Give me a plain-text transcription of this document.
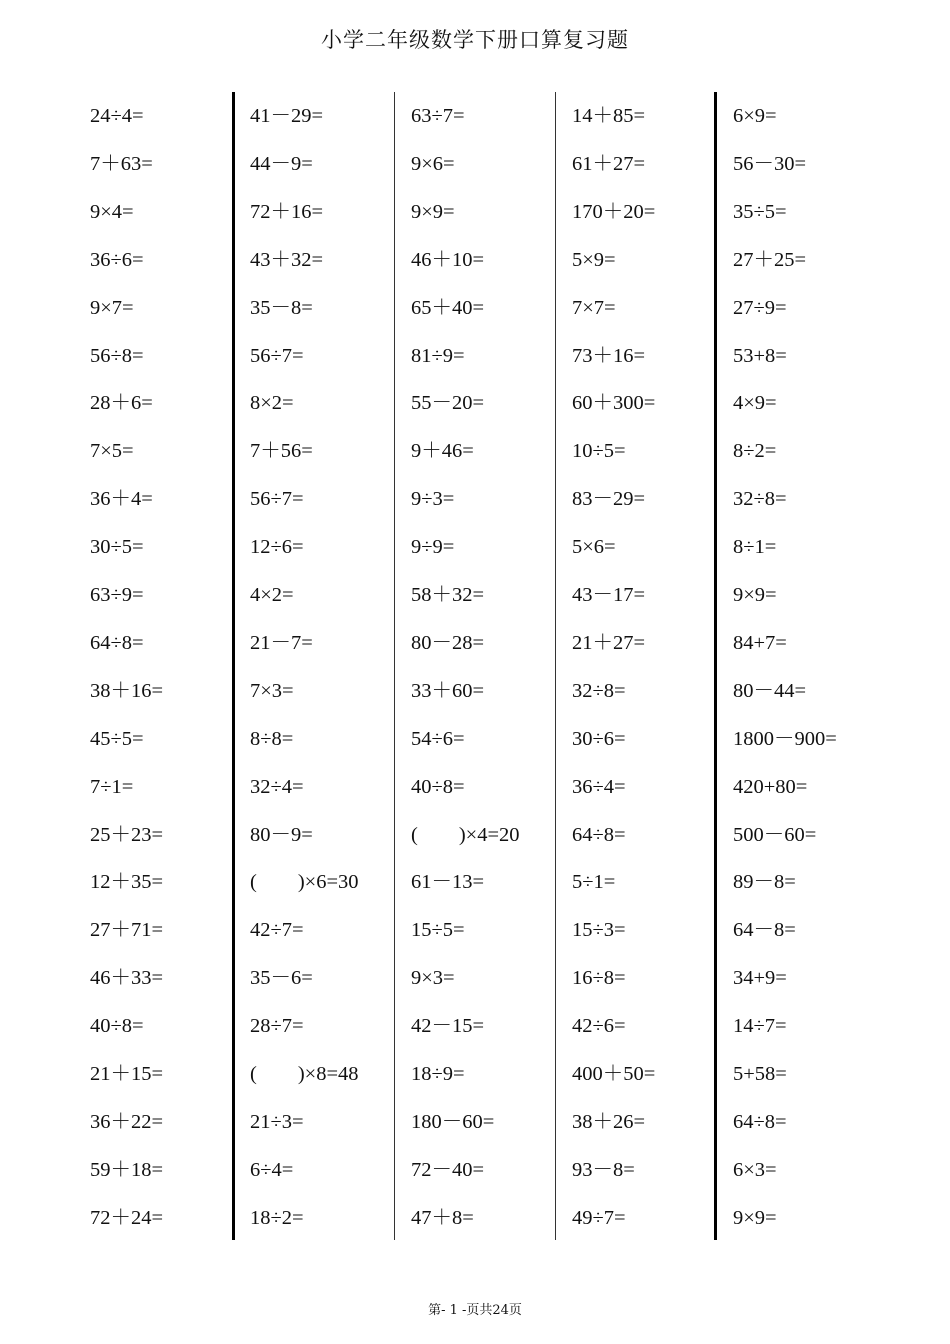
小学二年级数学下册口算复习题
24÷4=
7＋63=
9×4=
36÷6=
9×7=
56÷8=
28＋6=
7×5=
36＋4=
30÷5=
63÷9=
64÷8=
38＋16=
45÷5=
7÷1=
25＋23=
12＋35=
27＋71=
46＋33=
40÷8=
21＋15=
36＋22=
59＋18=
72＋24=
41－29=
44－9=
72＋16=
43＋32=
35－8=
56÷7=
8×2=
7＋56=
56÷7=
12÷6=
4×2=
21－7=
7×3=
8÷8=
32÷4=
80－9=
(　　)×6=30
42÷7=
35－6=
28÷7=
(　　)×8=48
21÷3=
6÷4=
18÷2=
63÷7=
9×6=
9×9=
46＋10=
65＋40=
81÷9=
55－20=
9＋46=
9÷3=
9÷9=
58＋32=
80－28=
33＋60=
54÷6=
40÷8=
(　　)×4=20
61－13=
15÷5=
9×3=
42－15=
18÷9=
180－60=
72－40=
47＋8=
14＋85=
61＋27=
170＋20=
5×9=
7×7=
73＋16=
60＋300=
10÷5=
83－29=
5×6=
43－17=
21＋27=
32÷8=
30÷6=
36÷4=
64÷8=
5÷1=
15÷3=
16÷8=
42÷6=
400＋50=
38＋26=
93－8=
49÷7=
6×9=
56－30=
35÷5=
27＋25=
27÷9=
53+8=
4×9=
8÷2=
32÷8=
8÷1=
9×9=
84+7=
80－44=
1800－900=
420+80=
500－60=
89－8=
64－8=
34+9=
14÷7=
5+58=
64÷8=
6×3=
9×9=
第- 1 -页共24页
